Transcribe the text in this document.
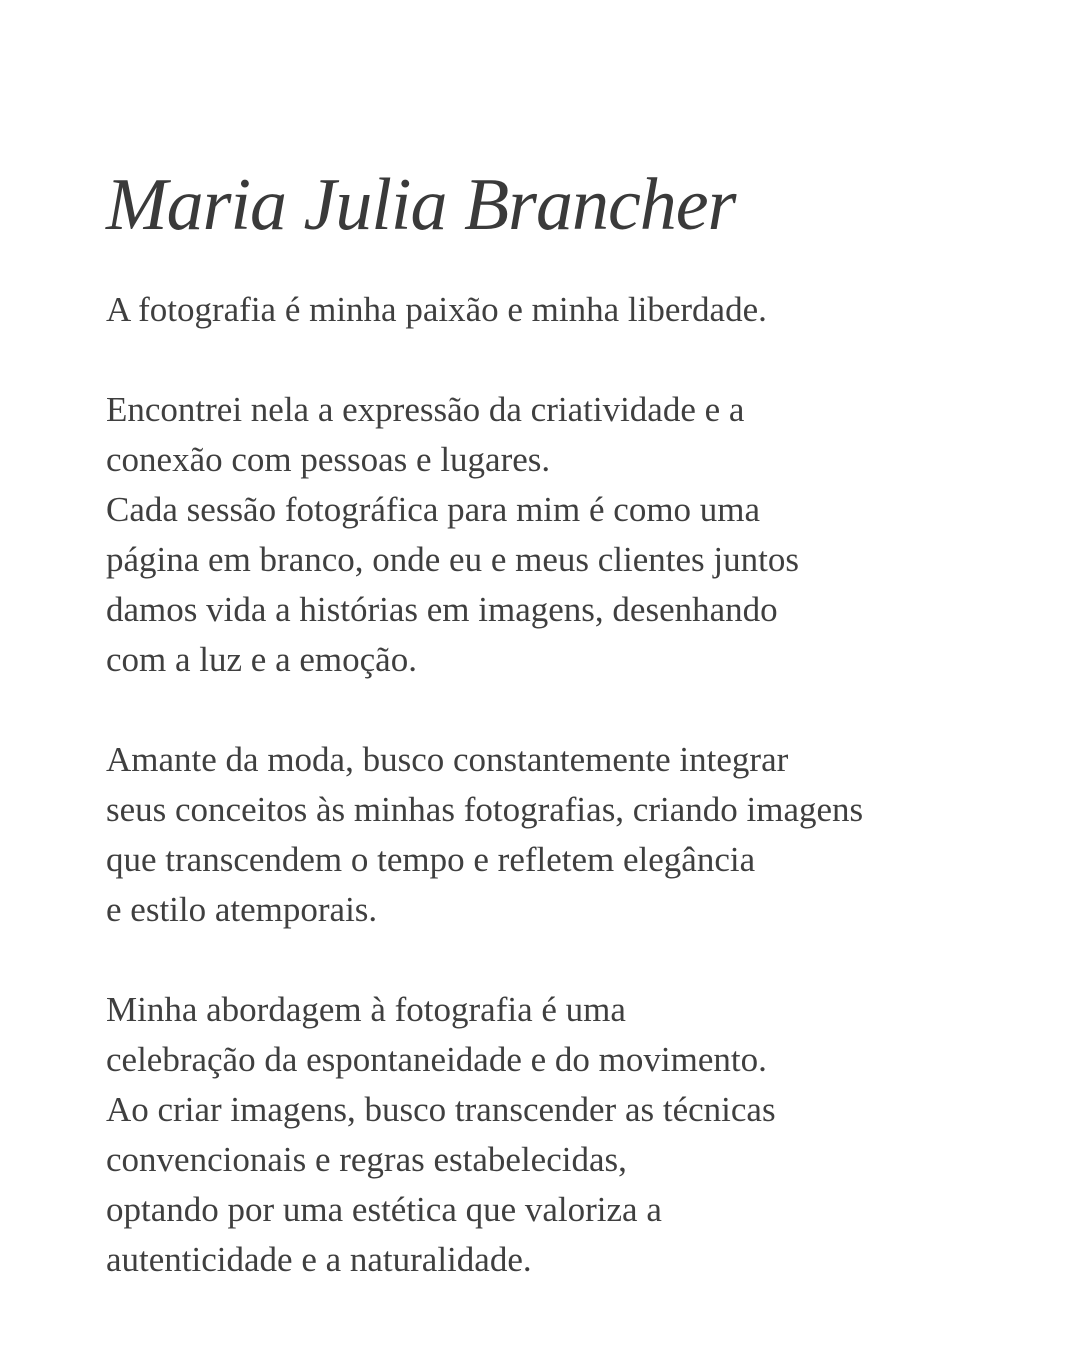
Maria Julia Brancher
A fotografia é minha paixão e minha liberdade.
Encontrei nela a expressão da criatividade e a
conexão com pessoas e lugares.
Cada sessão fotográfica para mim é como uma
página em branco, onde eu e meus clientes juntos
damos vida a histórias em imagens, desenhando
com a luz e a emoção.
Amante da moda, busco constantemente integrar
seus conceitos às minhas fotografias, criando imagens
que transcendem o tempo e refletem elegância
e estilo atemporais.
Minha abordagem à fotografia é uma
celebração da espontaneidade e do movimento.
Ao criar imagens, busco transcender as técnicas
convencionais e regras estabelecidas,
optando por uma estética que valoriza a
autenticidade e a naturalidade.
